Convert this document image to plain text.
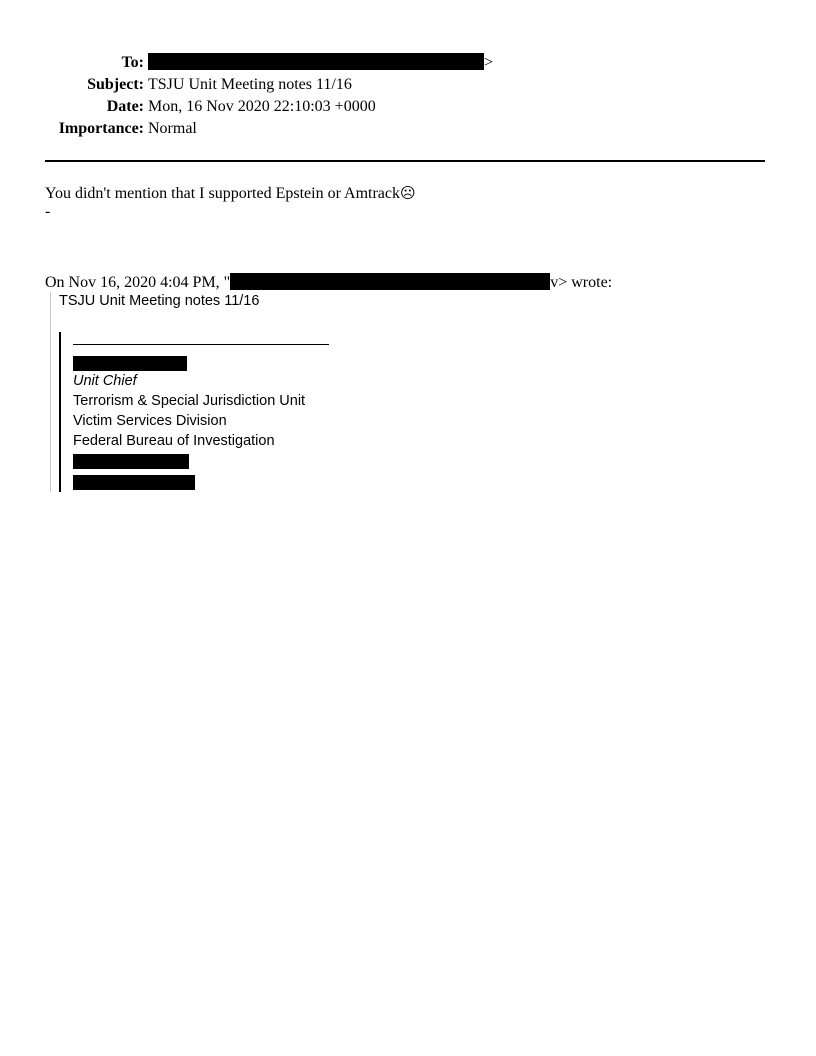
To:	>
Subject: TSJU Unit Meeting notes 11/16
Date: Mon, 16 Nov 2020 22:10:03 +0000
Importance: Normal
You didn't mention that I supported Epstein or Amtrack☹
-
On Nov 16, 2020 4:04 PM, "	v> wrote:
TSJU Unit Meeting notes 11/16
Unit Chief
Terrorism & Special Jurisdiction Unit
Victim Services Division
Federal Bureau of Investigation
